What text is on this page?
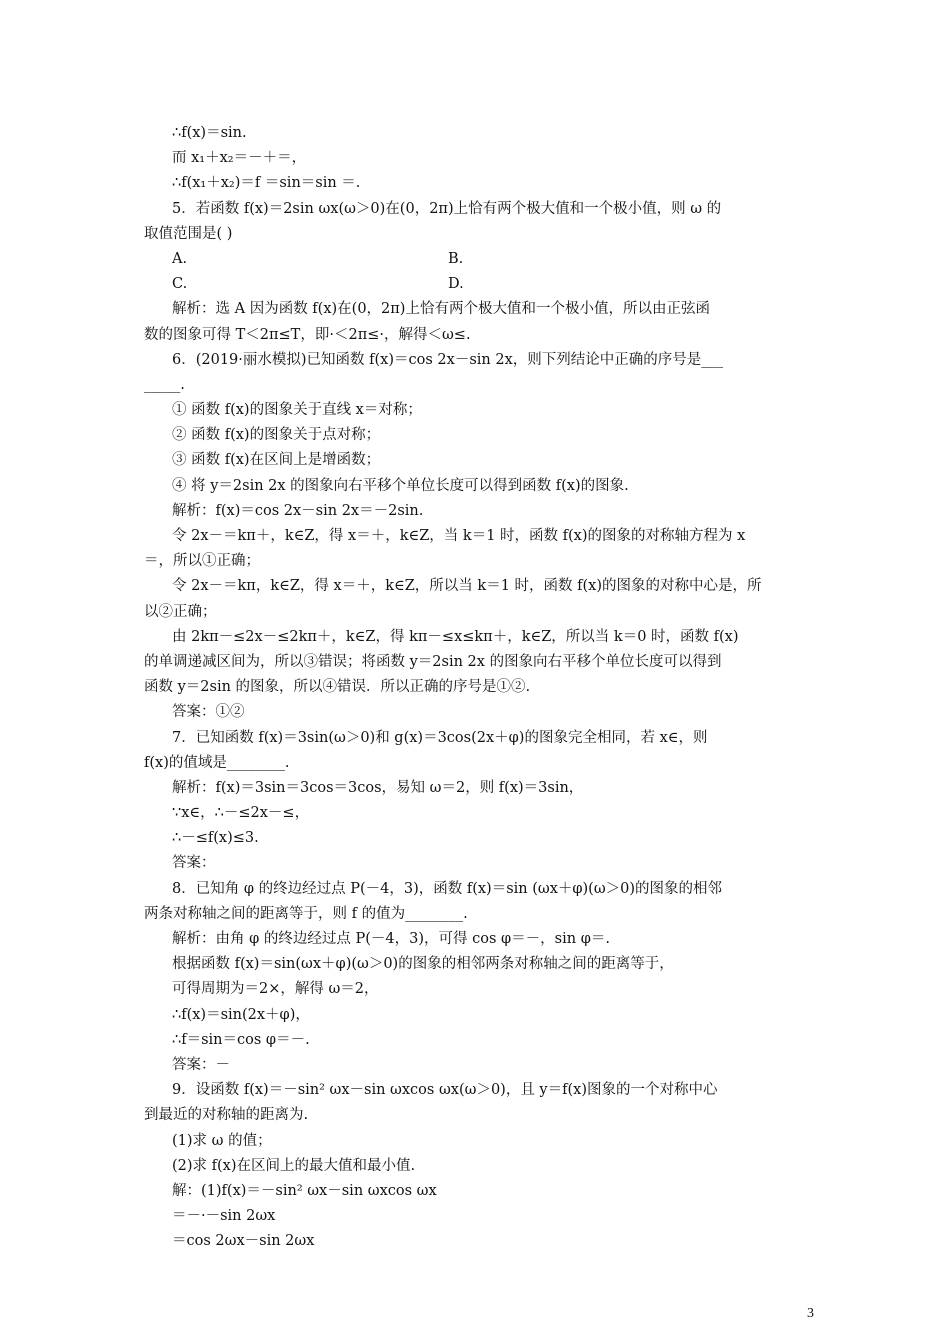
∴f(x)＝sin.
而 x₁＋x₂＝－＋＝，
∴f(x₁＋x₂)＝f ＝sin＝sin ＝.
5．若函数 f(x)＝2sin ωx(ω＞0)在(0，2π)上恰有两个极大值和一个极小值，则 ω 的
取值范围是( )
A.	B.
C.	D.
解析：选 A 因为函数 f(x)在(0，2π)上恰有两个极大值和一个极小值，所以由正弦函
数的图象可得 T＜2π≤T，即·＜2π≤·，解得＜ω≤.
6．(2019·丽水模拟)已知函数 f(x)＝cos 2x－sin 2x，则下列结论中正确的序号是___
_____.
① 函数 f(x)的图象关于直线 x＝对称；
② 函数 f(x)的图象关于点对称；
③ 函数 f(x)在区间上是增函数；
④ 将 y＝2sin 2x 的图象向右平移个单位长度可以得到函数 f(x)的图象.
解析：f(x)＝cos 2x－sin 2x＝－2sin.
令 2x－＝kπ＋，k∈Z，得 x＝＋，k∈Z，当 k＝1 时，函数 f(x)的图象的对称轴方程为 x
＝，所以①正确；
令 2x－＝kπ，k∈Z，得 x＝＋，k∈Z，所以当 k＝1 时，函数 f(x)的图象的对称中心是，所
以②正确；
由 2kπ－≤2x－≤2kπ＋，k∈Z，得 kπ－≤x≤kπ＋，k∈Z，所以当 k＝0 时，函数 f(x)
的单调递减区间为，所以③错误；将函数 y＝2sin 2x 的图象向右平移个单位长度可以得到
函数 y＝2sin 的图象，所以④错误．所以正确的序号是①②.
答案：①②
7．已知函数 f(x)＝3sin(ω＞0)和 g(x)＝3cos(2x＋φ)的图象完全相同，若 x∈，则
f(x)的值域是________.
解析：f(x)＝3sin＝3cos＝3cos，易知 ω＝2，则 f(x)＝3sin，
∵x∈，∴－≤2x－≤，
∴－≤f(x)≤3.
答案：
8．已知角 φ 的终边经过点 P(－4，3)，函数 f(x)＝sin (ωx＋φ)(ω＞0)的图象的相邻
两条对称轴之间的距离等于，则 f 的值为________.
解析：由角 φ 的终边经过点 P(－4，3)，可得 cos φ＝－，sin φ＝.
根据函数 f(x)＝sin(ωx＋φ)(ω＞0)的图象的相邻两条对称轴之间的距离等于，
可得周期为＝2×，解得 ω＝2，
∴f(x)＝sin(2x＋φ)，
∴f＝sin＝cos φ＝－.
答案：－
9．设函数 f(x)＝－sin² ωx－sin ωxcos ωx(ω＞0)，且 y＝f(x)图象的一个对称中心
到最近的对称轴的距离为.
(1)求 ω 的值；
(2)求 f(x)在区间上的最大值和最小值.
解：(1)f(x)＝－sin² ωx－sin ωxcos ωx
＝－·－sin 2ωx
＝cos 2ωx－sin 2ωx
3
